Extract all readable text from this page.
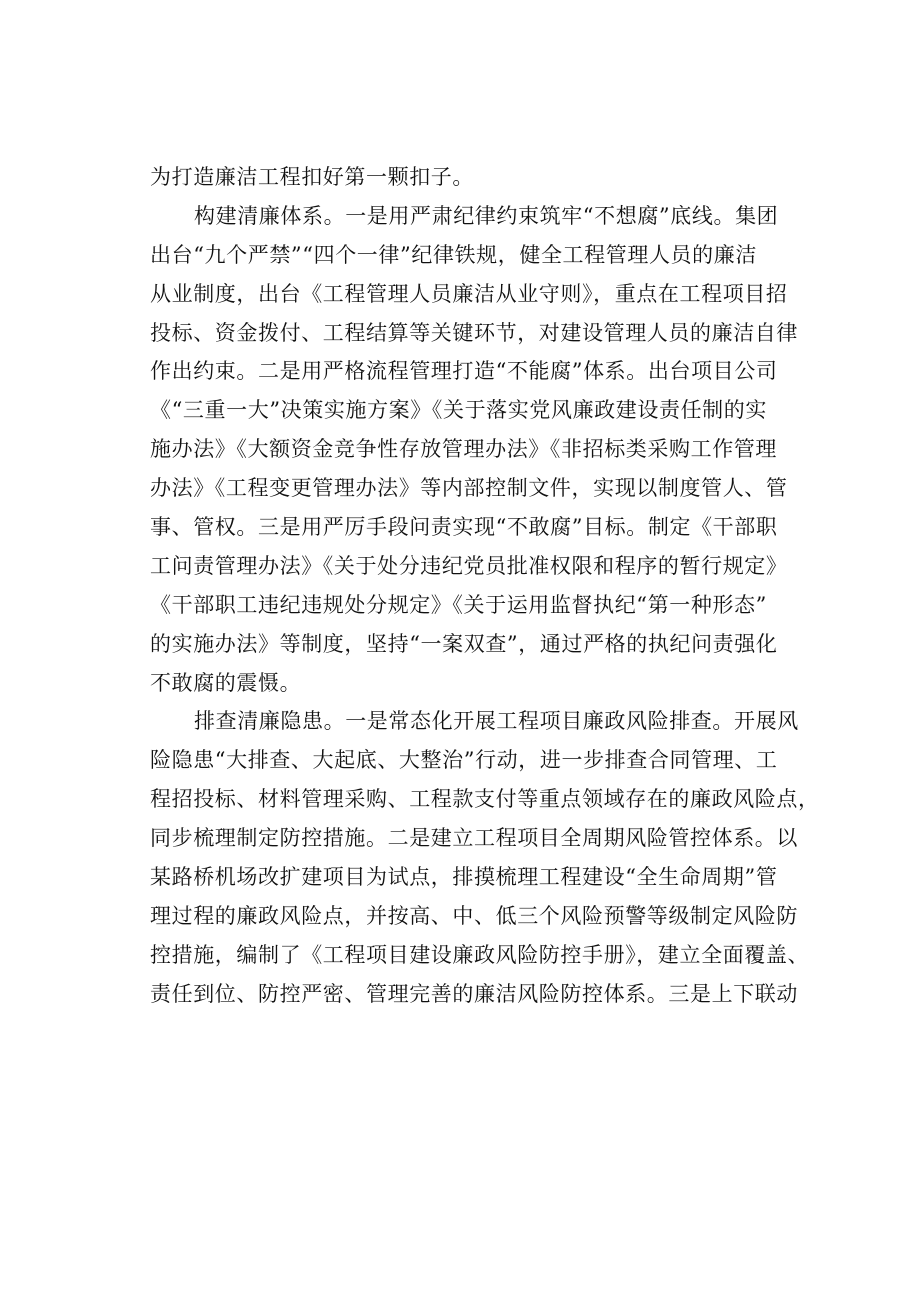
为打造廉洁工程扣好第一颗扣子。
构建清廉体系。一是用严肃纪律约束筑牢“不想腐”底线。集团
出台“九个严禁”“四个一律”纪律铁规，健全工程管理人员的廉洁
从业制度，出台《工程管理人员廉洁从业守则》，重点在工程项目招
投标、资金拨付、工程结算等关键环节，对建设管理人员的廉洁自律
作出约束。二是用严格流程管理打造“不能腐”体系。出台项目公司
《“三重一大”决策实施方案》《关于落实党风廉政建设责任制的实
施办法》《大额资金竞争性存放管理办法》《非招标类采购工作管理
办法》《工程变更管理办法》等内部控制文件，实现以制度管人、管
事、管权。三是用严厉手段问责实现“不敢腐”目标。制定《干部职
工问责管理办法》《关于处分违纪党员批准权限和程序的暂行规定》
《干部职工违纪违规处分规定》《关于运用监督执纪“第一种形态”
的实施办法》等制度，坚持“一案双查”，通过严格的执纪问责强化
不敢腐的震慑。
排查清廉隐患。一是常态化开展工程项目廉政风险排查。开展风
险隐患“大排查、大起底、大整治”行动，进一步排查合同管理、工
程招投标、材料管理采购、工程款支付等重点领域存在的廉政风险点，
同步梳理制定防控措施。二是建立工程项目全周期风险管控体系。以
某路桥机场改扩建项目为试点，排摸梳理工程建设“全生命周期”管
理过程的廉政风险点，并按高、中、低三个风险预警等级制定风险防
控措施，编制了《工程项目建设廉政风险防控手册》，建立全面覆盖、
责任到位、防控严密、管理完善的廉洁风险防控体系。三是上下联动
